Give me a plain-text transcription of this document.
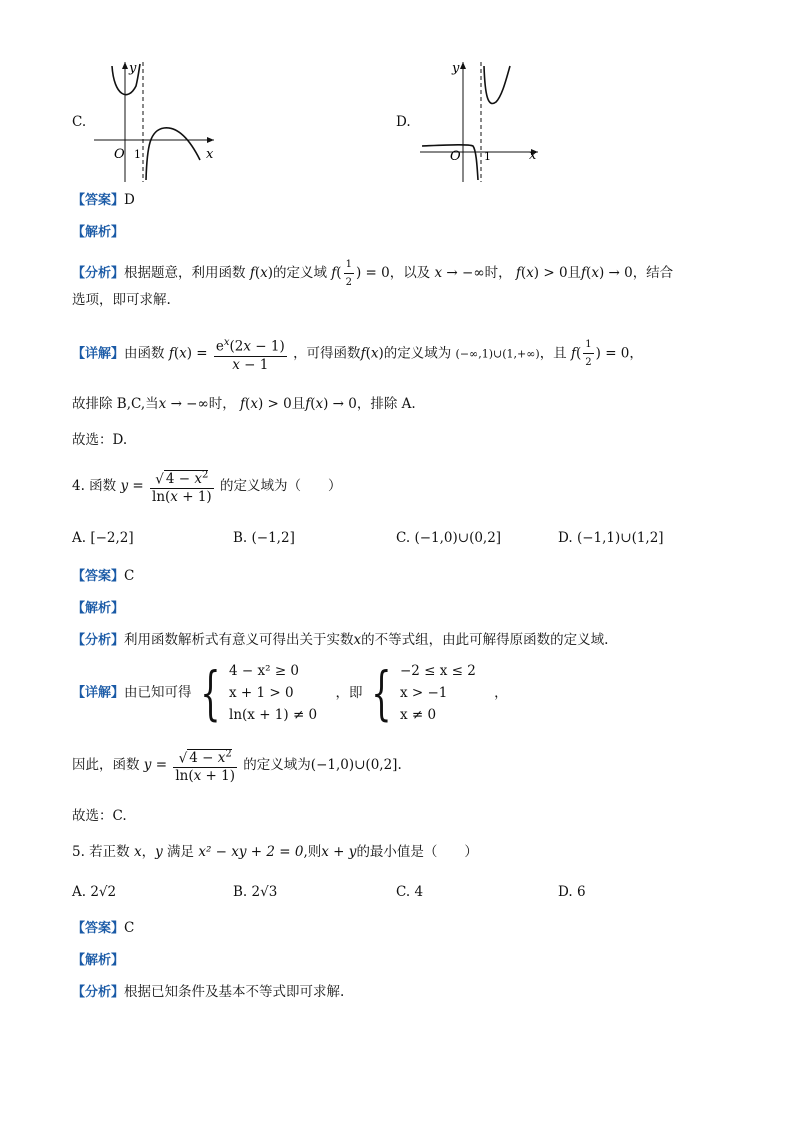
C.
O 1	x
y
D.
O 1	x
y
【答案】D
【解析】
【分析】根据题意，利用函数 f(x)的定义域 $f( \frac{1}{2}$ ) = 0，以及 x → −∞时， f(x) > 0且f(x) → 0，结合
选项，即可求解.
【详解】由函数 $f(x) = \frac{e^x(2x - 1)}{x - 1}$ ，可得函数f(x)的定义域为 (−∞,1)∪(1,+∞)，且 $f( \frac{1}{2}$ ) = 0，
故排除 B,C,当x → −∞时， f(x) > 0且f(x) → 0，排除 A.
故选：D.
4. 函数 $y = \frac{√ 4 - x^2}{\ln(x + 1)}$ 的定义域为（　　）
A. [−2,2]	B. (−1,2]	C. (−1,0)∪(0,2]	D. (−1,1)∪(1,2]
【答案】C
【解析】
【分析】利用函数解析式有意义可得出关于实数x的不等式组，由此可解得原函数的定义域.
【详解】由已知可得 { 4 − x² ≥ 0
x + 1 > 0
ln(x + 1) ≠ 0
，即 { −2 ≤ x ≤ 2
x > −1
x ≠ 0
，
因此，函数 $y = \frac{√ 4 - x^2}{\ln(x + 1)}$ 的定义域为(−1,0)∪(0,2].
故选：C.
5. 若正数 x，y 满足 x² − xy + 2 = 0,则x + y的最小值是（　　）
A. 2√2	B. 2√3	C. 4	D. 6
【答案】C
【解析】
【分析】根据已知条件及基本不等式即可求解.
